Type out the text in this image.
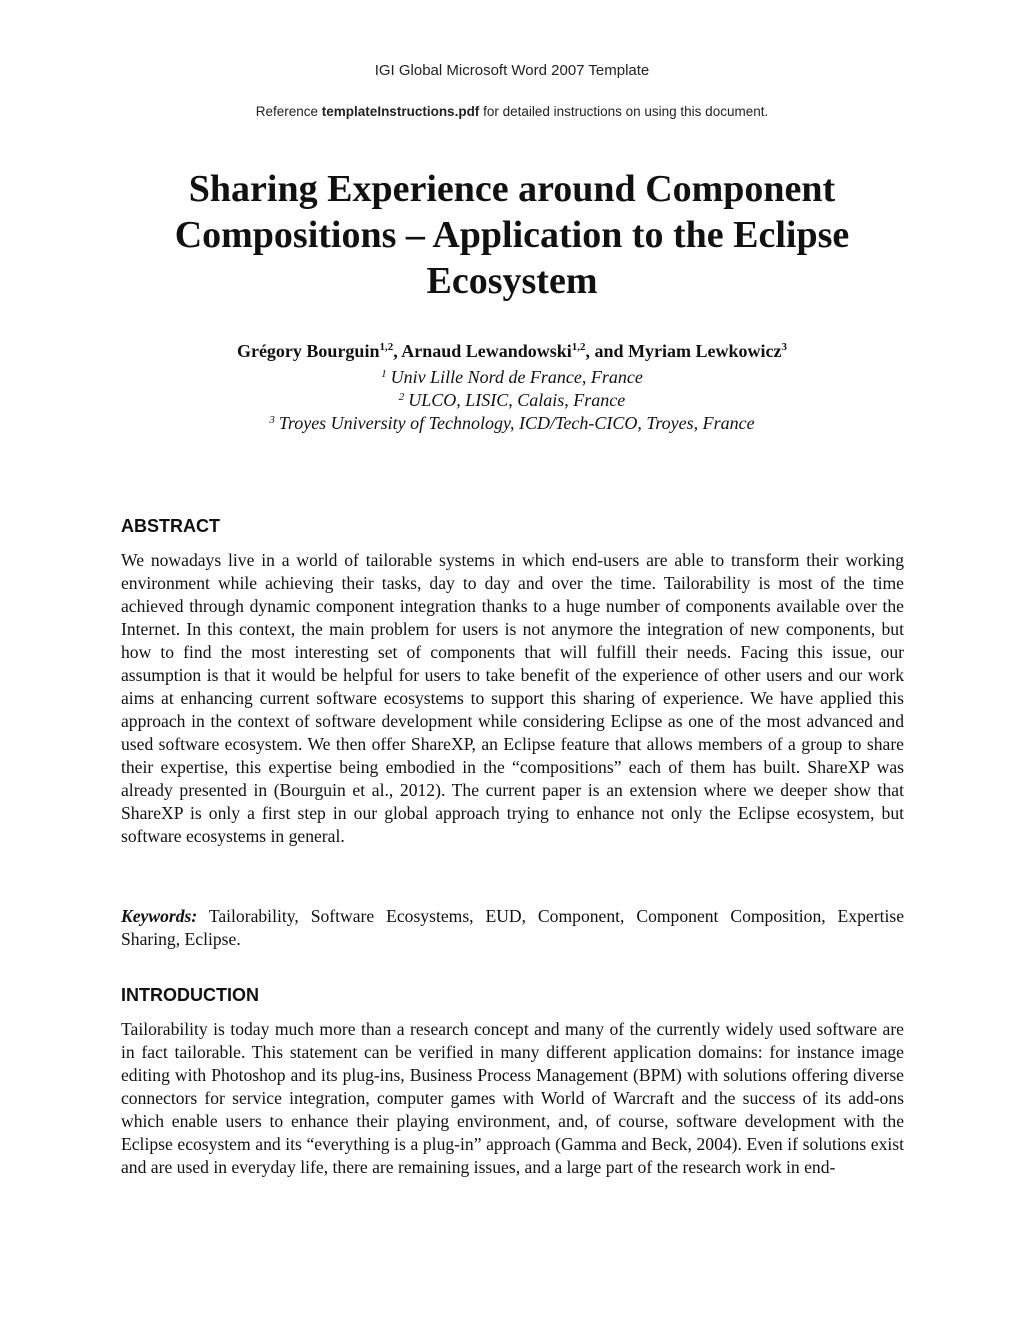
IGI Global Microsoft Word 2007 Template
Reference templateInstructions.pdf for detailed instructions on using this document.
Sharing Experience around Component
Compositions – Application to the Eclipse
Ecosystem
Grégory Bourguin$^{1,2}$, Arnaud Lewandowski$^{1,2}$, and Myriam Lewkowicz$^3$
$^1$ Univ Lille Nord de France, France
$^2$ ULCO, LISIC, Calais, France
$^3$ Troyes University of Technology, ICD/Tech-CICO, Troyes, France
ABSTRACT

We nowadays live in a world of tailorable systems in which end-users are able to transform their working environment while achieving their tasks, day to day and over the time. Tailorability is most of the time achieved through dynamic component integration thanks to a huge number of components available over the Internet. In this context, the main problem for users is not anymore the integration of new components, but how to find the most interesting set of components that will fulfill their needs. Facing this issue, our assumption is that it would be helpful for users to take benefit of the experience of other users and our work aims at enhancing current software ecosystems to support this sharing of experience. We have applied this approach in the context of software development while considering Eclipse as one of the most advanced and used software ecosystem. We then offer ShareXP, an Eclipse feature that allows members of a group to share their expertise, this expertise being embodied in the “compositions” each of them has built. ShareXP was already presented in (Bourguin et al., 2012). The current paper is an extension where we deeper show that ShareXP is only a first step in our global approach trying to enhance not only the Eclipse ecosystem, but software ecosystems in general.

Keywords: Tailorability, Software Ecosystems, EUD, Component, Component Composition, Expertise Sharing, Eclipse.

INTRODUCTION

Tailorability is today much more than a research concept and many of the currently widely used software are in fact tailorable. This statement can be verified in many different application domains: for instance image editing with Photoshop and its plug-ins, Business Process Management (BPM) with solutions offering diverse connectors for service integration, computer games with World of Warcraft and the success of its add-ons which enable users to enhance their playing environment, and, of course, software development with the Eclipse ecosystem and its “everything is a plug-in” approach (Gamma and Beck, 2004). Even if solutions exist and are used in everyday life, there are remaining issues, and a large part of the research work in end-
